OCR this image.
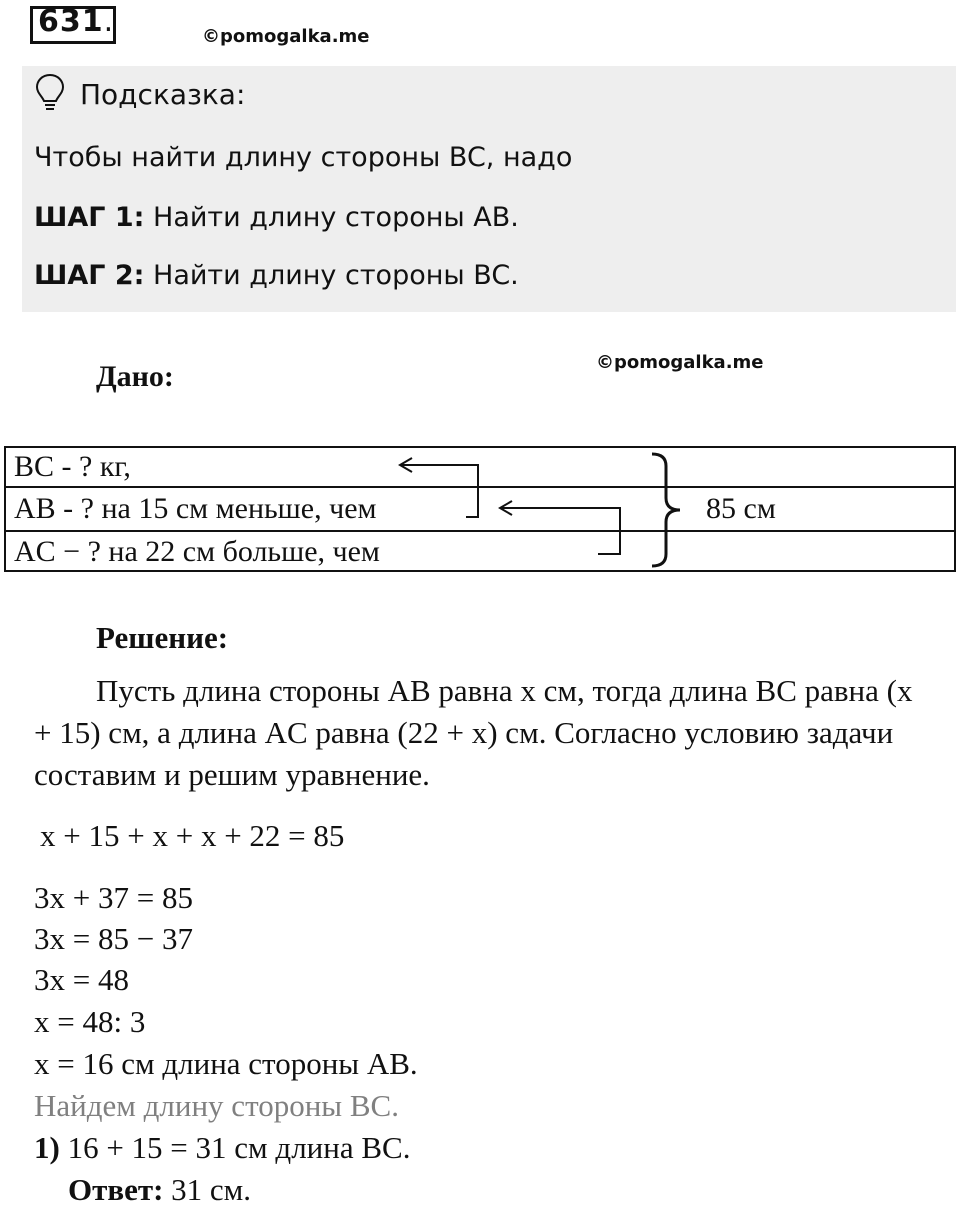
631.	©pomogalka.me
Подсказка:
Чтобы найти длину стороны BC, надо
ШАГ 1: Найти длину стороны AB.
ШАГ 2: Найти длину стороны BC.
Дано:	©pomogalka.me
BC - ? кг,
AB - ? на 15 см меньше, чем
AC − ? на 22 см больше, чем
85 см
Решение:
Пусть длина стороны AB равна x см, тогда длина BC равна (x + 15) см, а длина AC равна (22 + x) см. Согласно условию задачи составим и решим уравнение.
x + 15 + x + x + 22 = 85
3x + 37 = 85
3x = 85 − 37
3x = 48
x = 48: 3
x = 16 см длина стороны AB.
Найдем длину стороны BC.
1) 16 + 15 = 31 см длина BC.
Ответ: 31 см.
